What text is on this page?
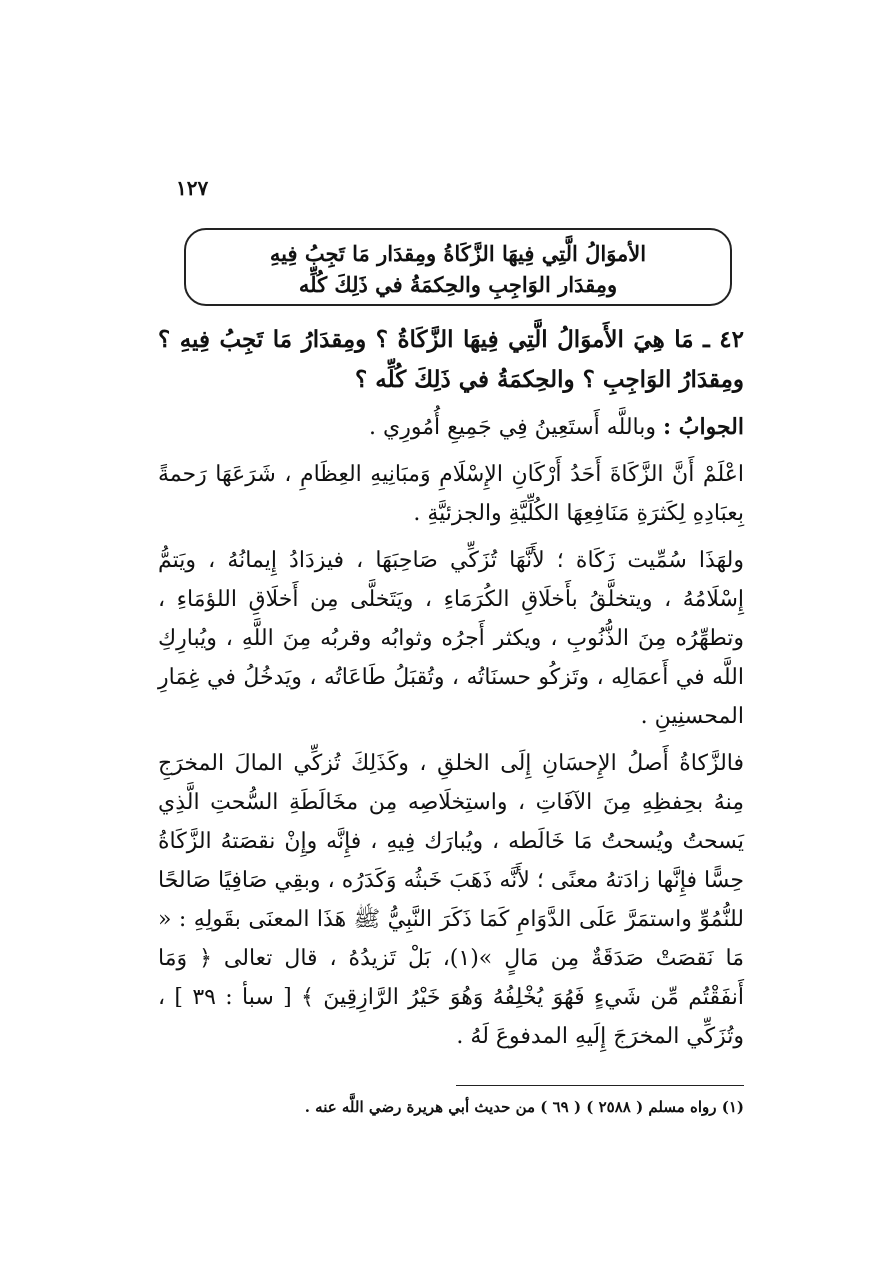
١٢٧
الأموَالُ الَّتِي فِيهَا الزَّكَاةُ ومِقدَار مَا تَجِبُ فِيهِ
ومِقدَار الوَاجِبِ والحِكمَةُ في ذَلِكَ كُلِّه

٤٢ ـ مَا هِيَ الأَموَالُ الَّتِي فِيهَا الزَّكَاةُ ؟ ومِقدَارُ مَا تَجِبُ فِيهِ ؟ ومِقدَارُ الوَاجِبِ ؟ والحِكمَةُ في ذَلِكَ كُلِّه ؟

الجوابُ : وباللَّه أَستَعِينُ فِي جَمِيعِ أُمُورِي .

اعْلَمْ أَنَّ الزَّكَاةَ أَحَدُ أَرْكَانِ الإِسْلَامِ وَمبَانِيهِ العِظَامِ ، شَرَعَهَا رَحمةً بِعبَادِهِ لِكَثرَةِ مَنَافِعِهَا الكُلِّيَّةِ والجزئيَّةِ .

ولهَذَا سُمِّيت زَكَاة ؛ لأَنَّهَا تُزَكِّي صَاحِبَهَا ، فيزدَادُ إِيمانُهُ ، ويَتمُّ إِسْلَامُهُ ، ويتخلَّقُ بأَخلَاقِ الكُرَمَاءِ ، ويَتَخلَّى مِن أَخلَاقِ اللؤمَاءِ ، وتطهِّرُه مِنَ الذُّنُوبِ ، ويكثر أَجرُه وثوابُه وقربُه مِنَ اللَّهِ ، ويُبارِكِ اللَّه في أَعمَالِه ، وتَزكُو حسنَاتُه ، وتُقبَلُ طَاعَاتُه ، ويَدخُلُ في غِمَارِ المحسنِينِ .

فالزَّكاةُ أَصلُ الإِحسَانِ إِلَى الخلقِ ، وكَذَلِكَ تُزكِّي المالَ المخرَجِ مِنهُ بحِفظِهِ مِنَ الآفَاتِ ، واستِخلَاصِه مِن مخَالَطَةِ السُّحتِ الَّذِي يَسحتُ ويُسحتُ مَا خَالَطه ، ويُبارَك فِيهِ ، فإِنَّه وإِنْ نقصَتهُ الزَّكَاةُ حِسًّا فإِنَّها زادَتهُ معنًى ؛ لأَنَّه ذَهَبَ خَبثُه وَكَدَرُه ، وبقِي صَافِيًا صَالحًا للنُّمُوِّ واستمَرَّ عَلَى الدَّوَامِ كَمَا ذَكَرَ النَّبِيُّ ﷺ هَذَا المعنَى بقَولِهِ : « مَا نَقصَتْ صَدَقَةٌ مِن مَالٍ »(١)، بَلْ تَزيدُهُ ، قال تعالى ﴿ وَمَا أَنفَقْتُم مِّن شَيءٍ فَهُوَ يُخْلِفُهُ وَهُوَ خَيْرُ الرَّازِقِينَ ﴾ [ سبأ : ٣٩ ] ، وتُزَكِّي المخرَجَ إِلَيهِ المدفوعَ لَهُ .

(١) رواه مسلم ( ٢٥٨٨ ) ( ٦٩ ) من حديث أبي هريرة رضي اللَّه عنه .
